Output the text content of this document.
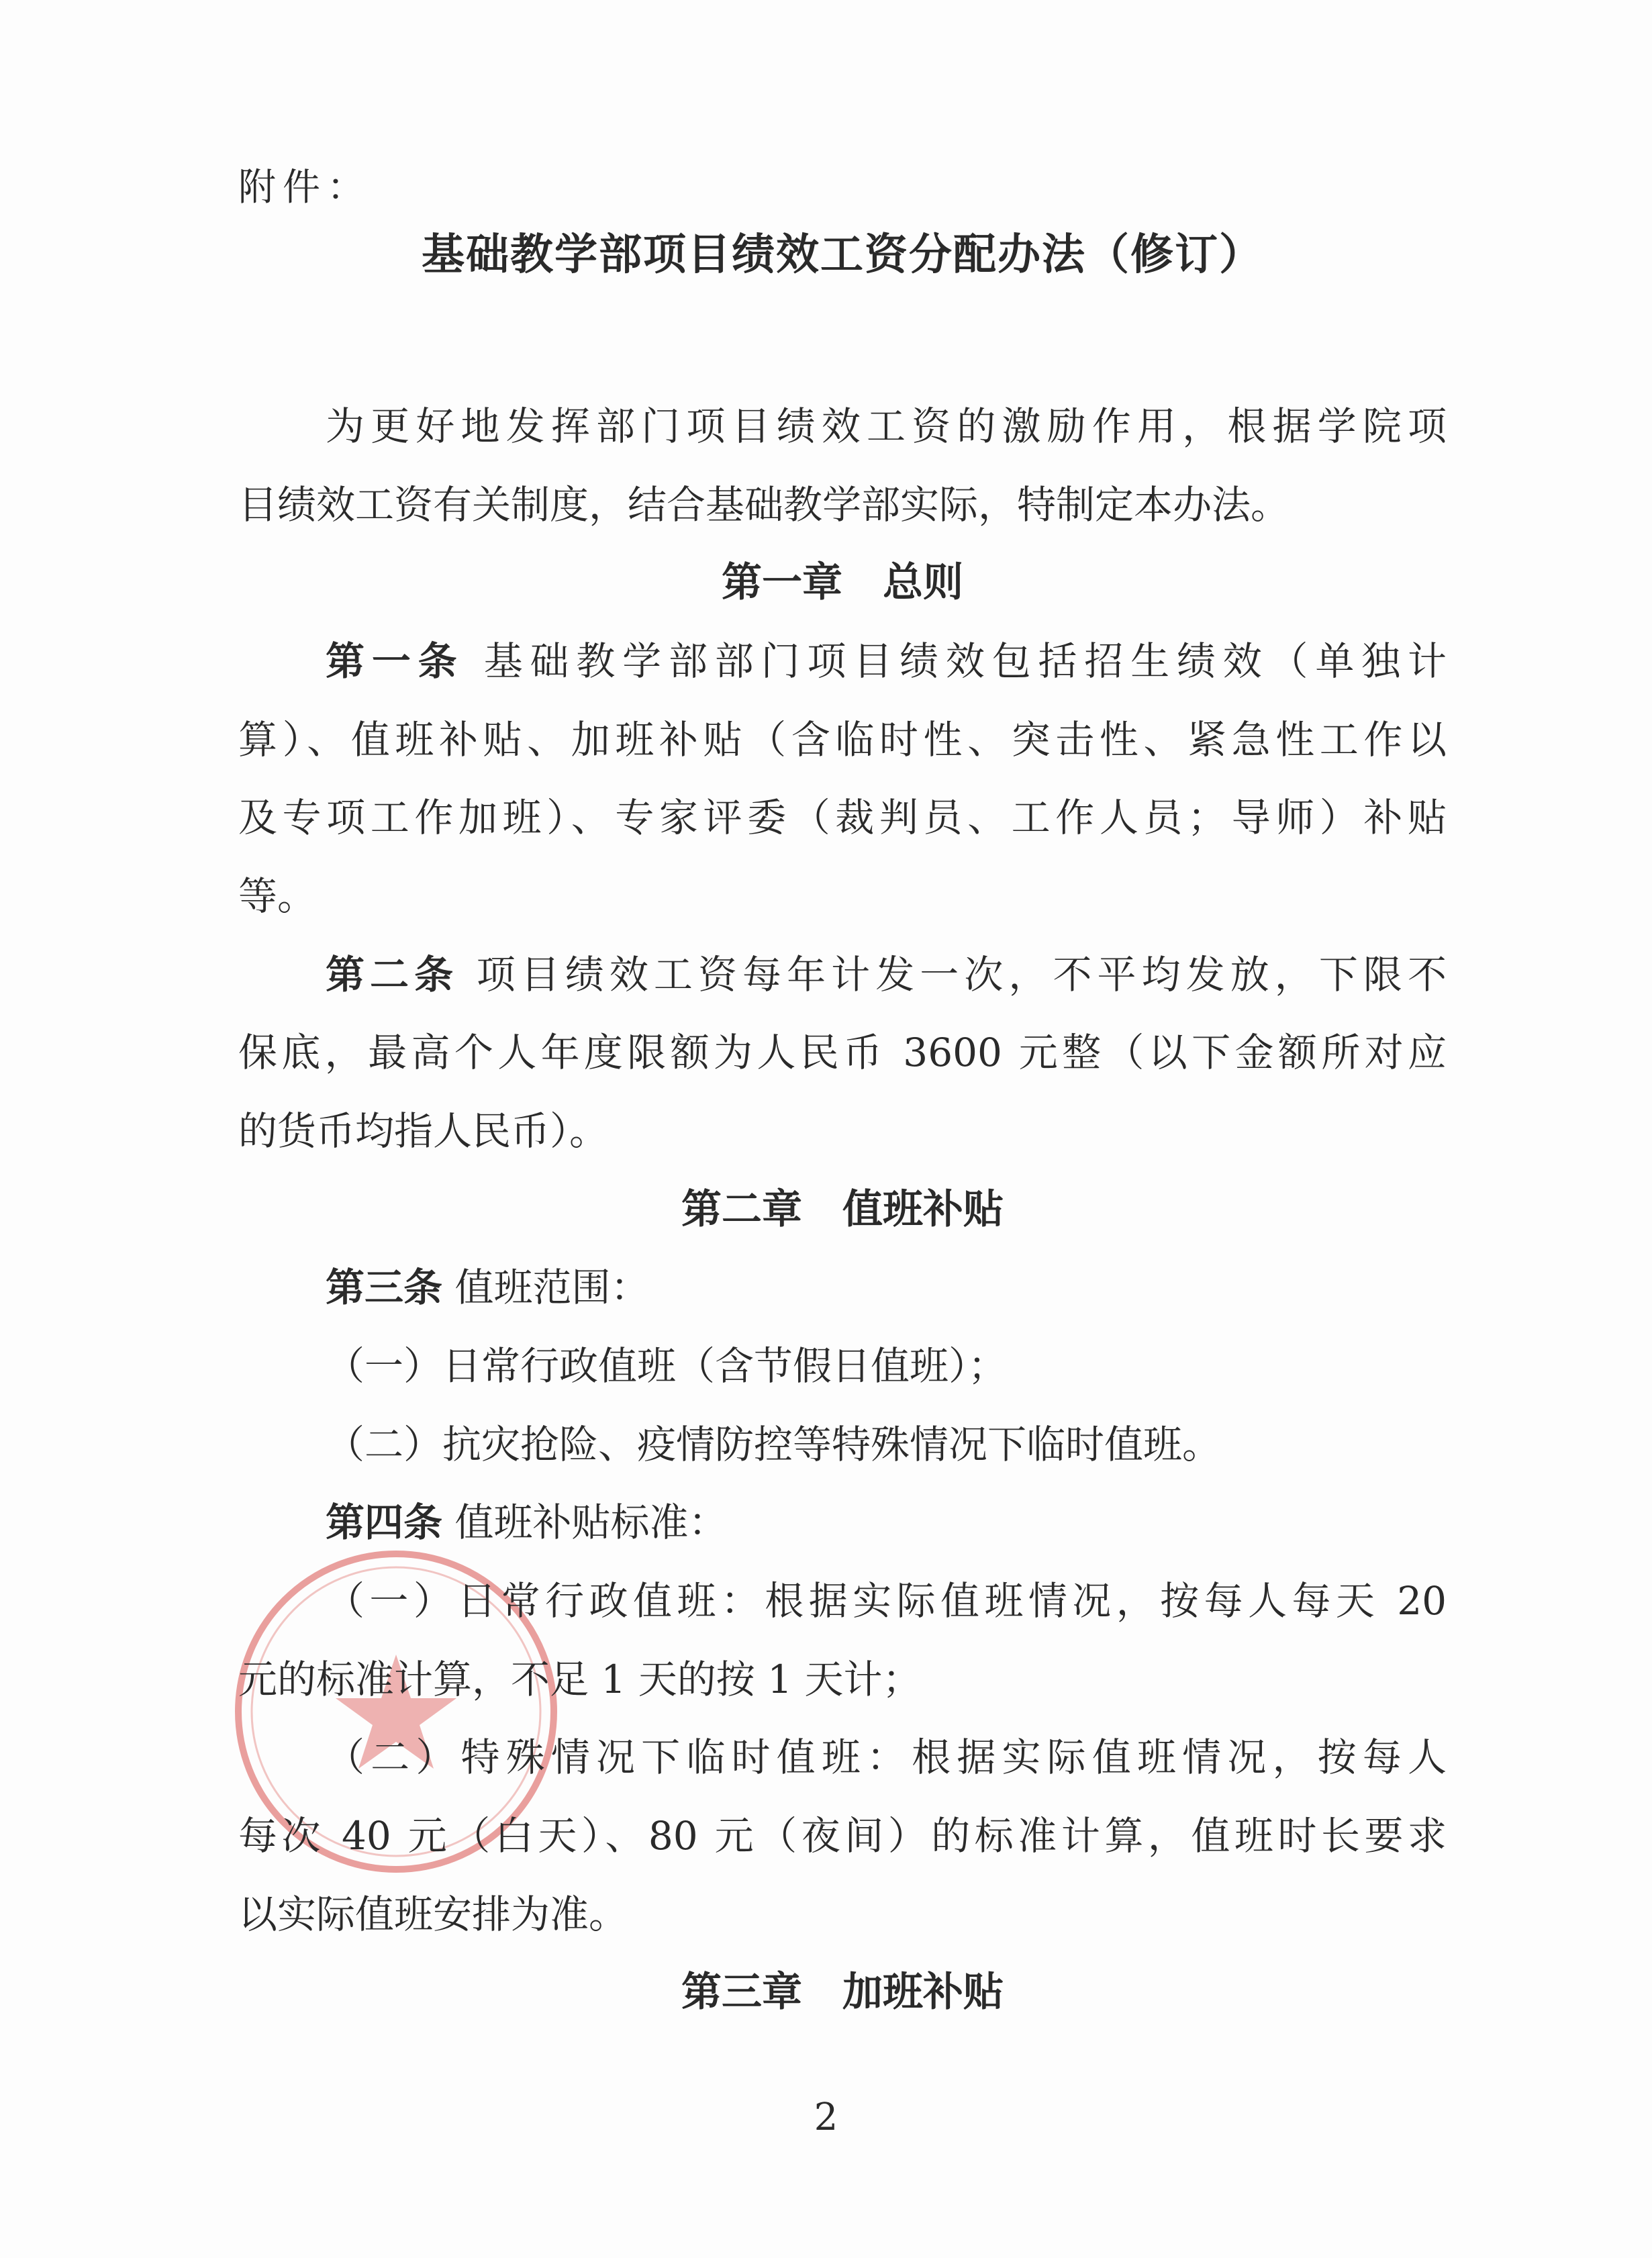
附件：
基础教学部项目绩效工资分配办法（修订）
为更好地发挥部门项目绩效工资的激励作用，根据学院项
目绩效工资有关制度，结合基础教学部实际，特制定本办法。
第一章 总则
第一条 基础教学部部门项目绩效包括招生绩效（单独计
算）、值班补贴、加班补贴（含临时性、突击性、紧急性工作以
及专项工作加班）、专家评委（裁判员、工作人员；导师）补贴
等。
第二条 项目绩效工资每年计发一次，不平均发放，下限不
保底，最高个人年度限额为人民币 3600 元整（以下金额所对应
的货币均指人民币）。
第二章 值班补贴
第三条 值班范围：
（一）日常行政值班（含节假日值班）；
（二）抗灾抢险、疫情防控等特殊情况下临时值班。
第四条 值班补贴标准：
（一）日常行政值班：根据实际值班情况，按每人每天 20
元的标准计算，不足 1 天的按 1 天计；
（二）特殊情况下临时值班：根据实际值班情况，按每人
每次 40 元（白天）、80 元（夜间）的标准计算，值班时长要求
以实际值班安排为准。
第三章 加班补贴
2
